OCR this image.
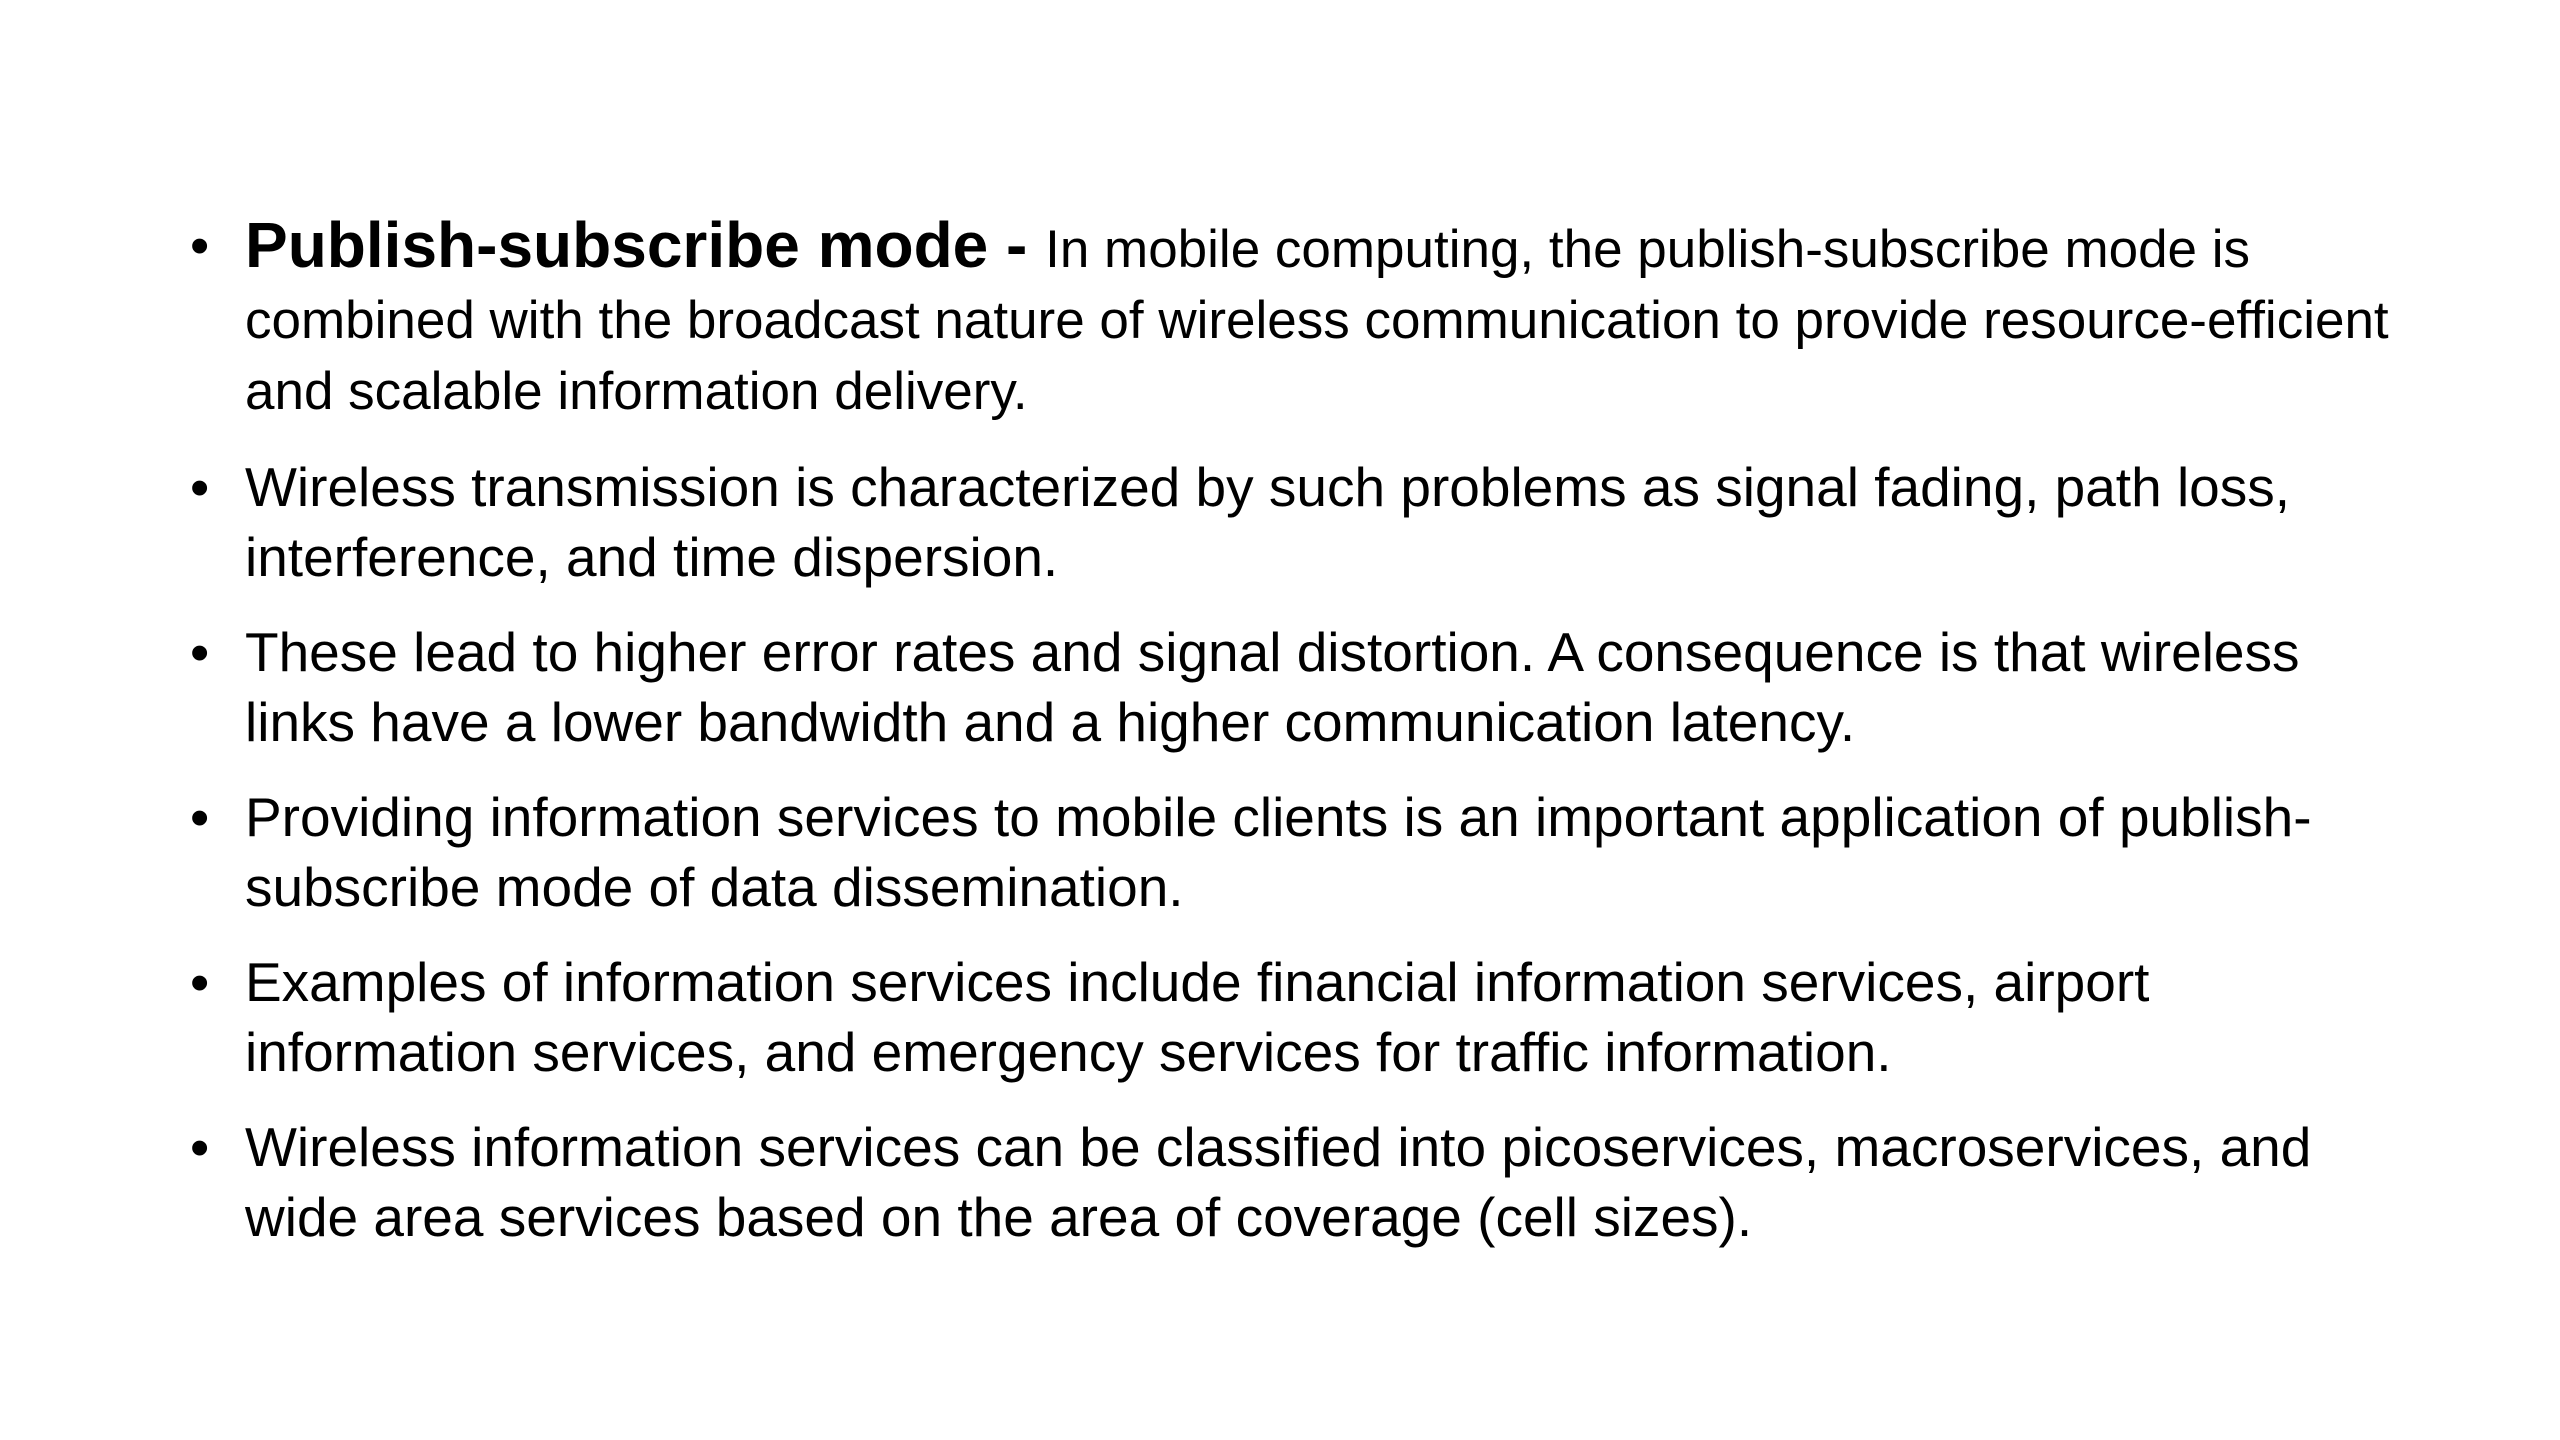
• Publish-subscribe mode - In mobile computing, the publish-subscribe mode is combined with the broadcast nature of wireless communication to provide resource-efficient and scalable information delivery.
• Wireless transmission is characterized by such problems as signal fading, path loss, interference, and time dispersion.
• These lead to higher error rates and signal distortion. A consequence is that wireless links have a lower bandwidth and a higher communication latency.
• Providing information services to mobile clients is an important application of publish-subscribe mode of data dissemination.
• Examples of information services include financial information services, airport information services, and emergency services for traffic information.
• Wireless information services can be classified into picoservices, macroservices, and wide area services based on the area of coverage (cell sizes).
